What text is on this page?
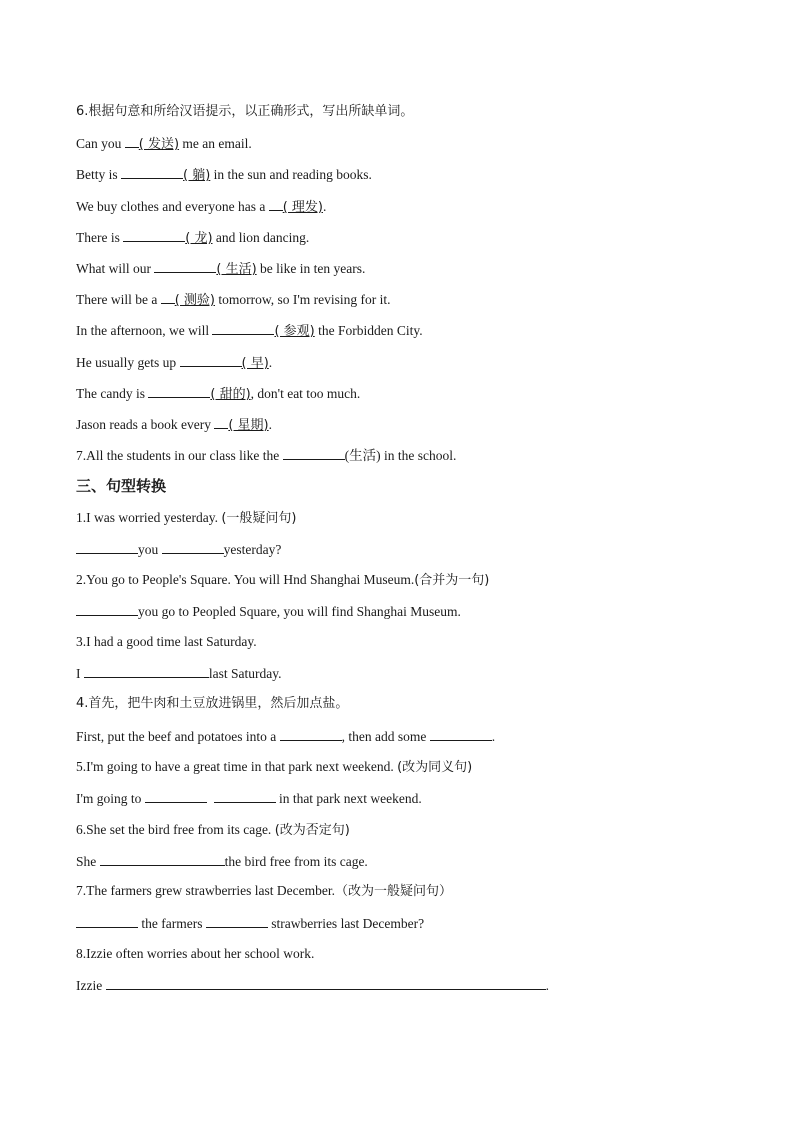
6.根据句意和所给汉语提示，以正确形式，写出所缺单词。
Can you ( 发送) me an email.
Betty is	( 躺) in the sun and reading books.
We buy clothes and everyone has a ( 理发).
There is	( 龙) and lion dancing.
What will our	( 生活) be like in ten years.
There will be a ( 测验) tomorrow, so I'm revising for it.
In the afternoon, we will	( 参观) the Forbidden City.
He usually gets up	( 早).
The candy is	( 甜的), don't eat too much.
Jason reads a book every ( 星期).
7.All the students in our class like the	(生活) in the school.
三、句型转换
1.I was worried yesterday. (一般疑问句)
you	yesterday?
2.You go to People's Square. You will Hnd Shanghai Museum.(合并为一句)
you go to Peopled Square, you will find Shanghai Museum.
3.I had a good time last Saturday.
I	last Saturday.
4.首先，把牛肉和土豆放进锅里，然后加点盐。
First, put the beef and potatoes into a	, then add some	.
5.I'm going to have a great time in that park next weekend. (改为同义句)
I'm going to	in that park next weekend.
6.She set the bird free from its cage. (改为否定句)
She	the bird free from its cage.
7.The farmers grew strawberries last December.（改为一般疑问句）
the farmers	strawberries last December?
8.Izzie often worries about her school work.
Izzie	.
